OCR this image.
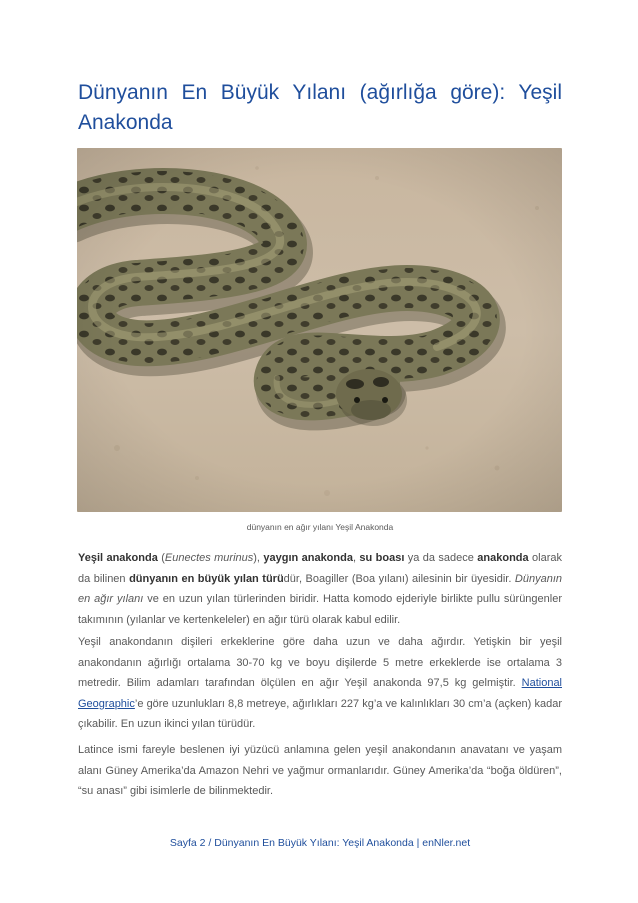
Dünyanın En Büyük Yılanı (ağırlığa göre): Yeşil Anakonda
dünyanın en ağır yılanı Yeşil Anakonda

Yeşil anakonda (Eunectes murinus), yaygın anakonda, su boası ya da sadece anakonda olarak da bilinen dünyanın en büyük yılan türüdür, Boagiller (Boa yılanı) ailesinin bir üyesidir. Dünyanın en ağır yılanı ve en uzun yılan türlerinden biridir. Hatta komodo ejderiyle birlikte pullu sürüngenler takımının (yılanlar ve kertenkeleler) en ağır türü olarak kabul edilir.

Yeşil anakondanın dişileri erkeklerine göre daha uzun ve daha ağırdır. Yetişkin bir yeşil anakondanın ağırlığı ortalama 30-70 kg ve boyu dişilerde 5 metre erkeklerde ise ortalama 3 metredir. Bilim adamları tarafından ölçülen en ağır Yeşil anakonda 97,5 kg gelmiştir. National Geographic’e göre uzunlukları 8,8 metreye, ağırlıkları 227 kg’a ve kalınlıkları 30 cm’a (açken) kadar çıkabilir. En uzun ikinci yılan türüdür.

Latince ismi fareyle beslenen iyi yüzücü anlamına gelen yeşil anakondanın anavatanı ve yaşam alanı Güney Amerika’da Amazon Nehri ve yağmur ormanlarıdır. Güney Amerika’da “boğa öldüren”, “su anası” gibi isimlerle de bilinmektedir.

Sayfa 2 / Dünyanın En Büyük Yılanı: Yeşil Anakonda | enNler.net
